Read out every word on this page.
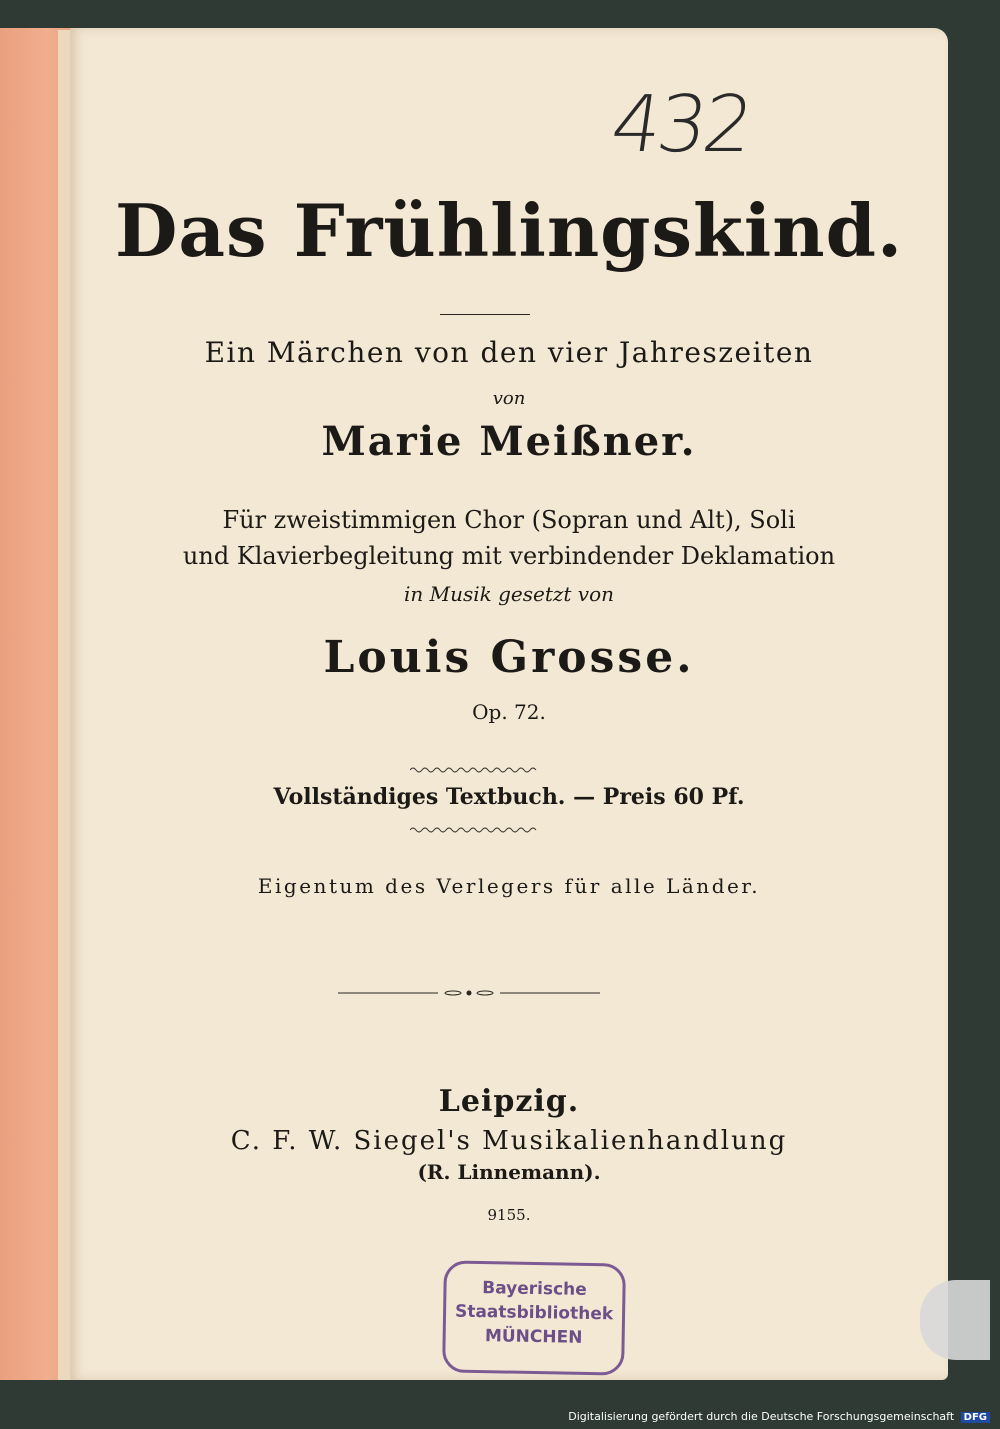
432
Das Frühlingskind.
Ein Märchen von den vier Jahreszeiten
von
Marie Meißner.
Für zweistimmigen Chor (Sopran und Alt), Soli
und Klavierbegleitung mit verbindender Deklamation
in Musik gesetzt von
Louis Grosse.
Op. 72.
Vollständiges Textbuch. — Preis 60 Pf.
Eigentum des Verlegers für alle Länder.
Leipzig.
C. F. W. Siegel's Musikalienhandlung
(R. Linnemann).
9155.
Bayerische
Staatsbibliothek
MÜNCHEN
Digitalisierung gefördert durch die Deutsche Forschungsgemeinschaft DFG
